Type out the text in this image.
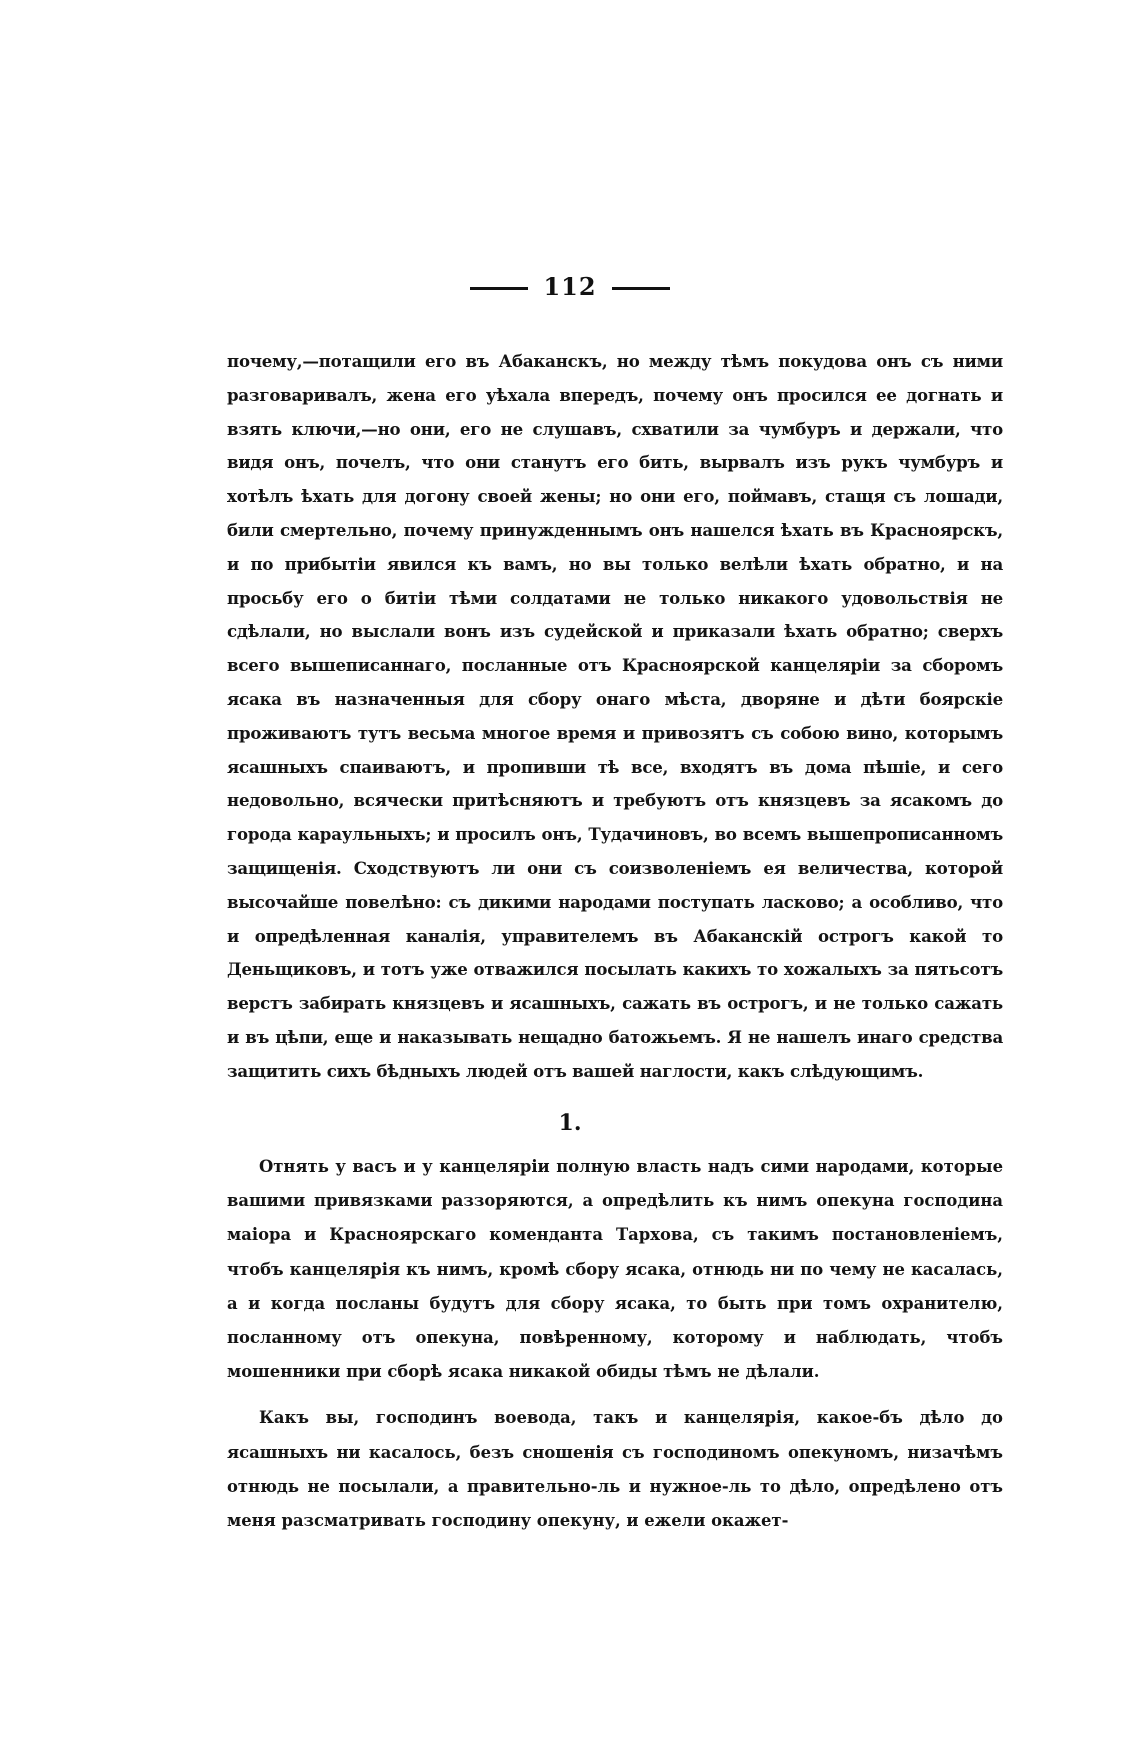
112

почему,—потащили его въ Абаканскъ, но между тѣмъ покудова онъ съ ними разговаривалъ, жена его уѣхала впередъ, почему онъ просился ее догнать и взять ключи,—но они, его не слушавъ, схватили за чумбуръ и держали, что видя онъ, почелъ, что они станутъ его бить, вырвалъ изъ рукъ чумбуръ и хотѣлъ ѣхать для догону своей жены; но они его, поймавъ, стащя съ лошади, били смертельно, почему принужденнымъ онъ нашелся ѣхать въ Красноярскъ, и по прибытіи явился къ вамъ, но вы только велѣли ѣхать обратно, и на просьбу его о битіи тѣми солдатами не только никакого удовольствія не сдѣлали, но выслали вонъ изъ судейской и приказали ѣхать обратно; сверхъ всего вышеписаннаго, посланные отъ Красноярской канцеляріи за сборомъ ясака въ назначенныя для сбору онаго мѣста, дворяне и дѣти боярскіе проживаютъ тутъ весьма многое время и привозятъ съ собою вино, которымъ ясашныхъ спаиваютъ, и пропивши тѣ все, входятъ въ дома пѣшіе, и сего недовольно, всячески притѣсняютъ и требуютъ отъ князцевъ за ясакомъ до города караульныхъ; и просилъ онъ, Тудачиновъ, во всемъ вышепрописанномъ защищенія. Сходствуютъ ли они съ соизволеніемъ ея величества, которой высочайше повелѣно: съ дикими народами поступать ласково; а особливо, что и опредѣленная каналія, управителемъ въ Абаканскій острогъ какой то Деньщиковъ, и тотъ уже отважился посылать какихъ то хожалыхъ за пятьсотъ верстъ забирать князцевъ и ясашныхъ, сажать въ острогъ, и не только сажать и въ цѣпи, еще и наказывать нещадно батожьемъ. Я не нашелъ инаго средства защитить сихъ бѣдныхъ людей отъ вашей наглости, какъ слѣдующимъ.

1.

Отнять у васъ и у канцеляріи полную власть надъ сими народами, которые вашими привязками раззоряются, а опредѣлить къ нимъ опекуна господина маіора и Красноярскаго коменданта Тархова, съ такимъ постановленіемъ, чтобъ канцелярія къ нимъ, кромѣ сбору ясака, отнюдь ни по чему не касалась, а и когда посланы будутъ для сбору ясака, то быть при томъ охранителю, посланному отъ опекуна, повѣренному, которому и наблюдать, чтобъ мошенники при сборѣ ясака никакой обиды тѣмъ не дѣлали.

Какъ вы, господинъ воевода, такъ и канцелярія, какое-бъ дѣло до ясашныхъ ни касалось, безъ сношенія съ господиномъ опекуномъ, низачѣмъ отнюдь не посылали, а правительно-ль и нужное-ль то дѣло, опредѣлено отъ меня разсматривать господину опекуну, и ежели окажет-
